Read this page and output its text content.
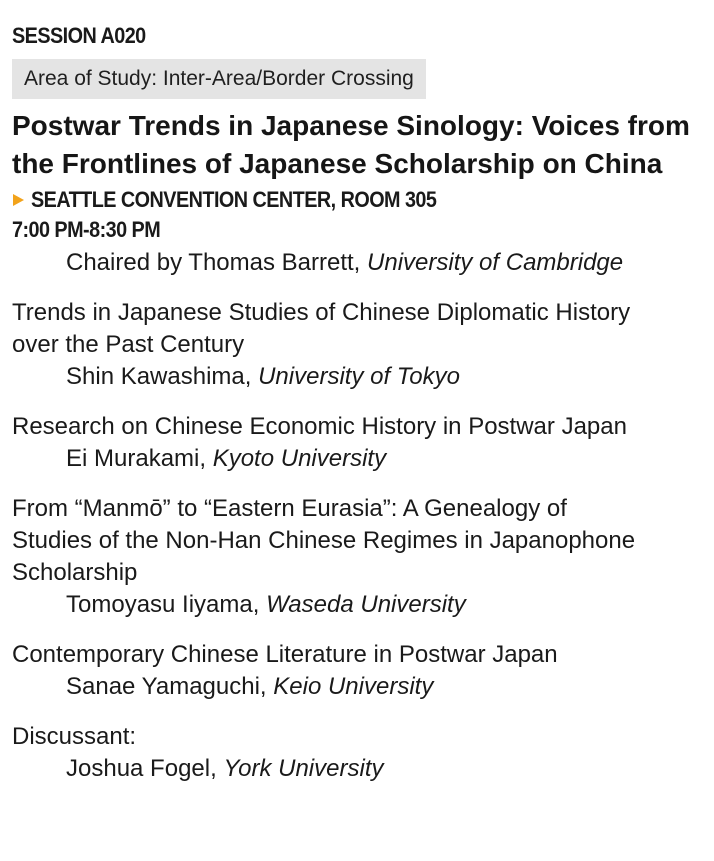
SESSION A020
Area of Study: Inter-Area/Border Crossing
Postwar Trends in Japanese Sinology: Voices from the Frontlines of Japanese Scholarship on China
SEATTLE CONVENTION CENTER, ROOM 305
7:00 PM-8:30 PM
Chaired by Thomas Barrett, University of Cambridge
Trends in Japanese Studies of Chinese Diplomatic History
over the Past Century
Shin Kawashima, University of Tokyo
Research on Chinese Economic History in Postwar Japan
Ei Murakami, Kyoto University
From “Manmō” to “Eastern Eurasia”: A Genealogy of
Studies of the Non-Han Chinese Regimes in Japanophone
Scholarship
Tomoyasu Iiyama, Waseda University
Contemporary Chinese Literature in Postwar Japan
Sanae Yamaguchi, Keio University
Discussant:
Joshua Fogel, York University
